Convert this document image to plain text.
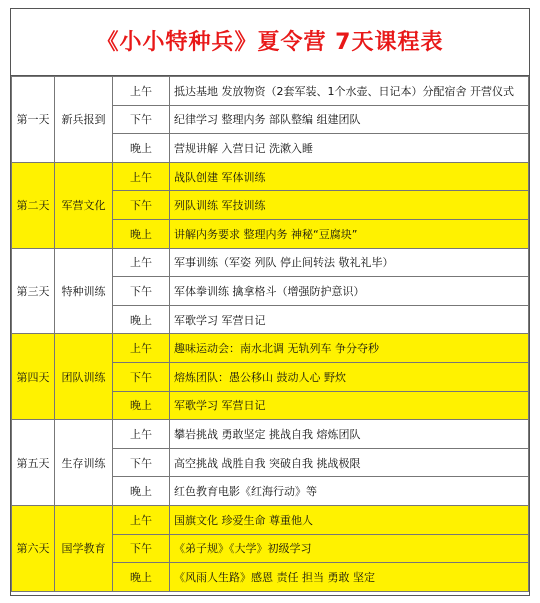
《小小特种兵》夏令营 7天课程表
第一天	新兵报到	上午	抵达基地 发放物资（2套军装、1个水壶、日记本）分配宿舍 开营仪式
		下午	纪律学习 整理内务 部队整编 组建团队
		晚上	营规讲解 入营日记 洗漱入睡
第二天	军营文化	上午	战队创建 军体训练
		下午	列队训练 军技训练
		晚上	讲解内务要求 整理内务 神秘“豆腐块”
第三天	特种训练	上午	军事训练（军姿 列队 停止间转法 敬礼礼毕）
		下午	军体拳训练 擒拿格斗（增强防护意识）
		晚上	军歌学习 军营日记
第四天	团队训练	上午	趣味运动会：南水北调 无轨列车 争分夺秒
		下午	熔炼团队：愚公移山 鼓动人心 野炊
		晚上	军歌学习 军营日记
第五天	生存训练	上午	攀岩挑战 勇敢坚定 挑战自我 熔炼团队
		下午	高空挑战 战胜自我 突破自我 挑战极限
		晚上	红色教育电影《红海行动》等
第六天	国学教育	上午	国旗文化 珍爱生命 尊重他人
		下午	《弟子规》《大学》初级学习
		晚上	《风雨人生路》感恩 责任 担当 勇敢 坚定
